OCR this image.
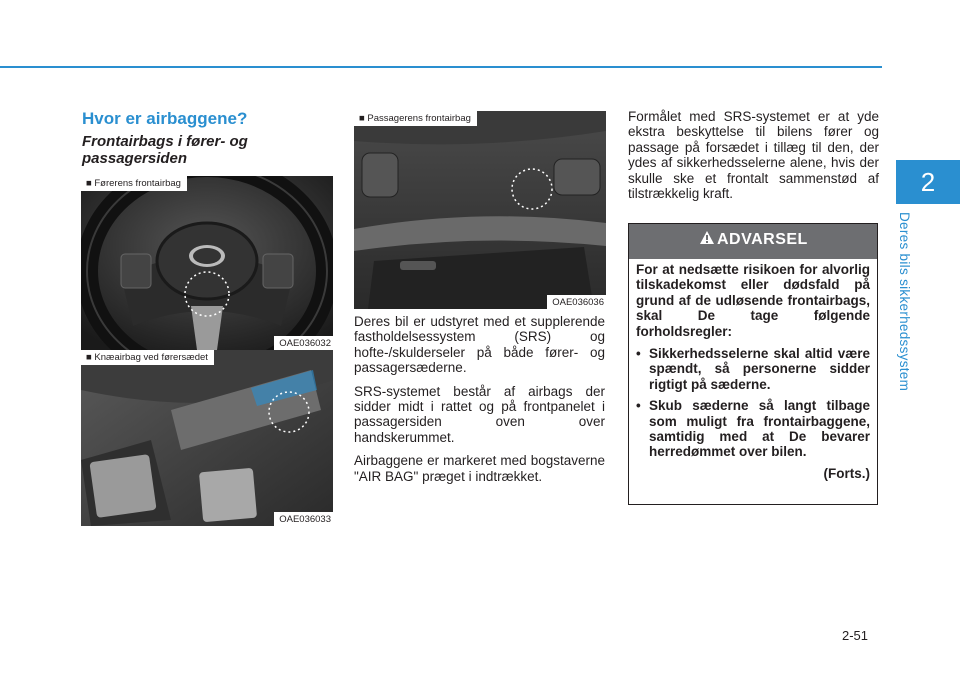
2
Deres bils sikkerhedssystem
Hvor er airbaggene?
Frontairbags i fører- og passagersiden
■ Førerens frontairbag
OAE036032
■ Knæairbag ved førersædet
OAE036033
■ Passagerens frontairbag
OAE036036

Deres bil er udstyret med et supplerende fastholdelsessystem (SRS) og hofte-/skulderseler på både fører- og passagersæderne.

SRS-systemet består af airbags der sidder midt i rattet og på frontpanelet i passagersiden oven over handskerummet.

Airbaggene er markeret med bogstaverne "AIR BAG" præget i indtrækket.

Formålet med SRS-systemet er at yde ekstra beskyttelse til bilens fører og passage på forsædet i tillæg til den, der ydes af sikkerhedsselerne alene, hvis der skulle ske et frontalt sammenstød af tilstrækkelig kraft.

ADVARSEL

For at nedsætte risikoen for alvorlig tilskadekomst eller dødsfald på grund af de udløsende frontairbags, skal De tage følgende forholdsregler:

• Sikkerhedsselerne skal altid være spændt, så personerne sidder rigtigt på sæderne.
• Skub sæderne så langt tilbage som muligt fra frontairbaggene, samtidig med at De bevarer herredømmet over bilen.
(Forts.)
2-51
